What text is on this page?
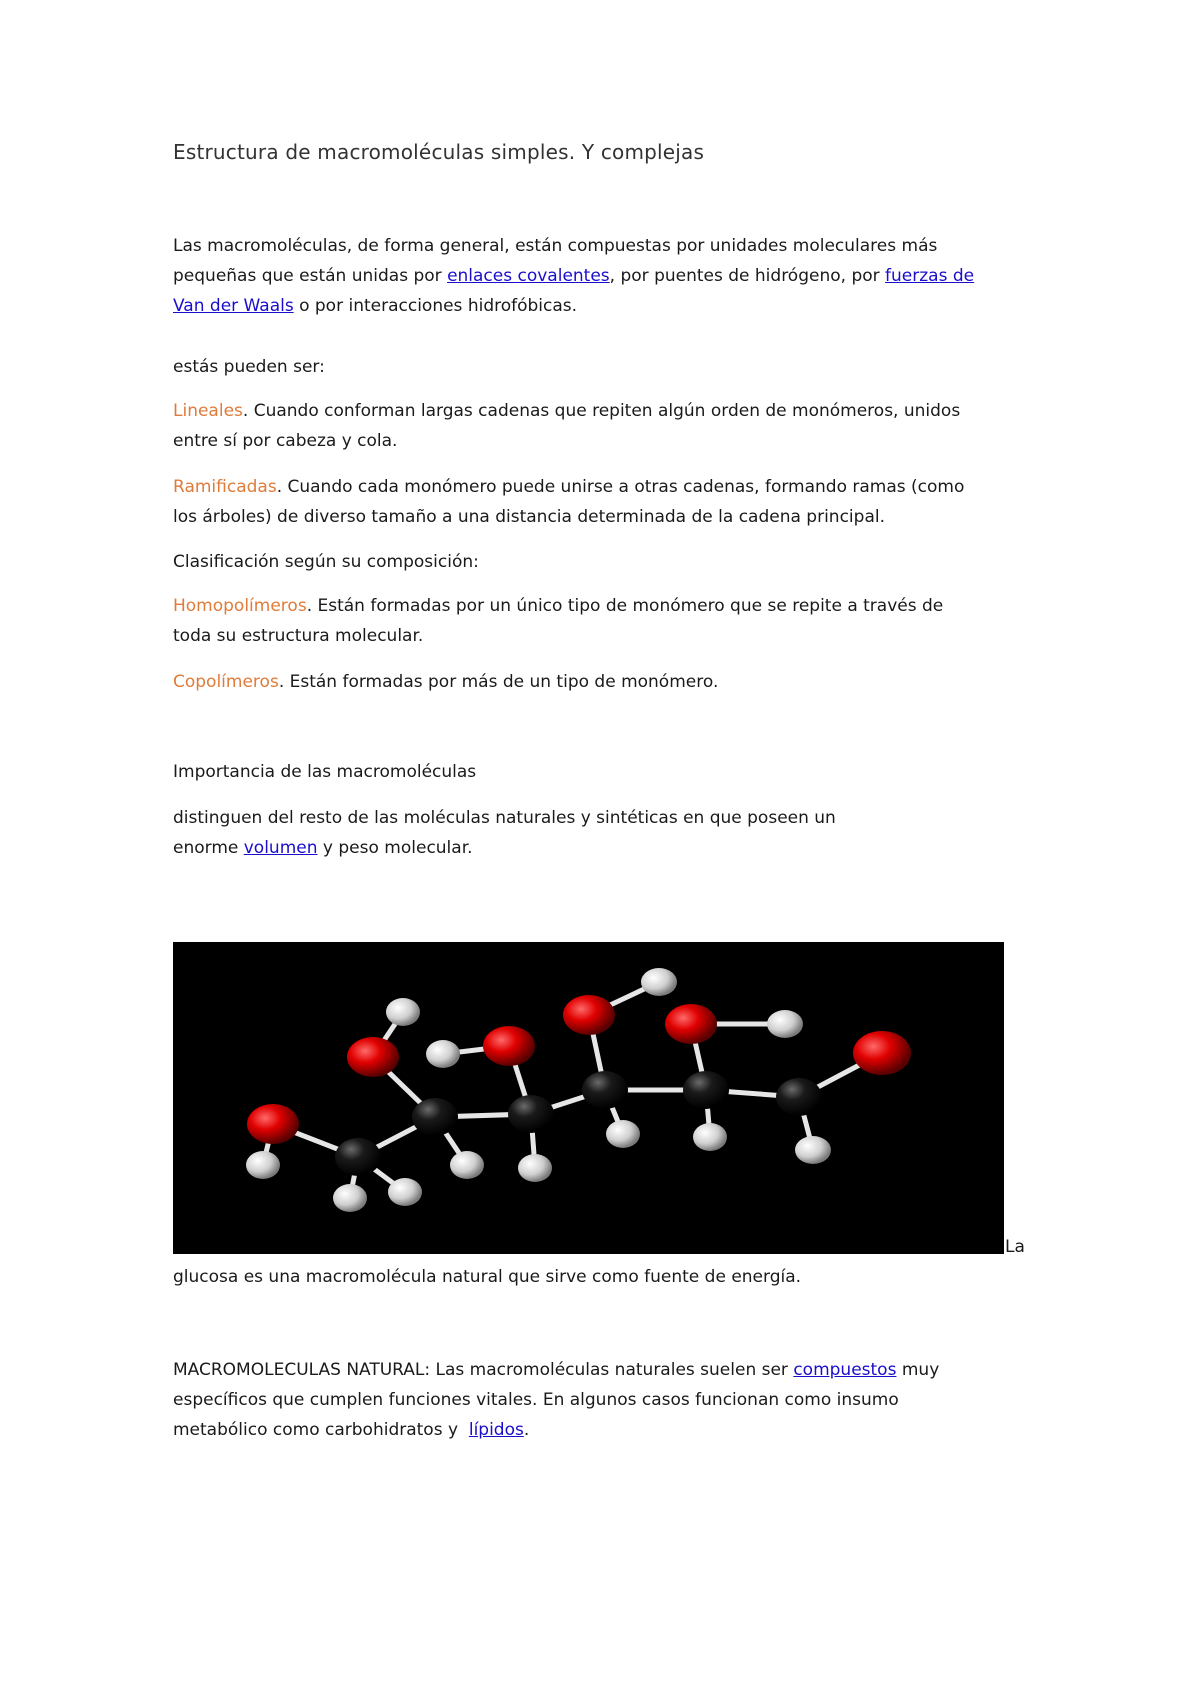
Estructura de macromoléculas simples. Y complejas

Las macromoléculas, de forma general, están compuestas por unidades moleculares más
pequeñas que están unidas por enlaces covalentes, por puentes de hidrógeno, por fuerzas de
Van der Waals o por interacciones hidrofóbicas.

estás pueden ser:

Lineales. Cuando conforman largas cadenas que repiten algún orden de monómeros, unidos
entre sí por cabeza y cola.

Ramificadas. Cuando cada monómero puede unirse a otras cadenas, formando ramas (como
los árboles) de diverso tamaño a una distancia determinada de la cadena principal.

Clasificación según su composición:

Homopolímeros. Están formadas por un único tipo de monómero que se repite a través de
toda su estructura molecular.

Copolímeros. Están formadas por más de un tipo de monómero.

Importancia de las macromoléculas

distinguen del resto de las moléculas naturales y sintéticas en que poseen un
enorme volumen y peso molecular.

La

glucosa es una macromolécula natural que sirve como fuente de energía.

MACROMOLECULAS NATURAL: Las macromoléculas naturales suelen ser compuestos muy
específicos que cumplen funciones vitales. En algunos casos funcionan como insumo
metabólico como carbohidratos y  lípidos.
